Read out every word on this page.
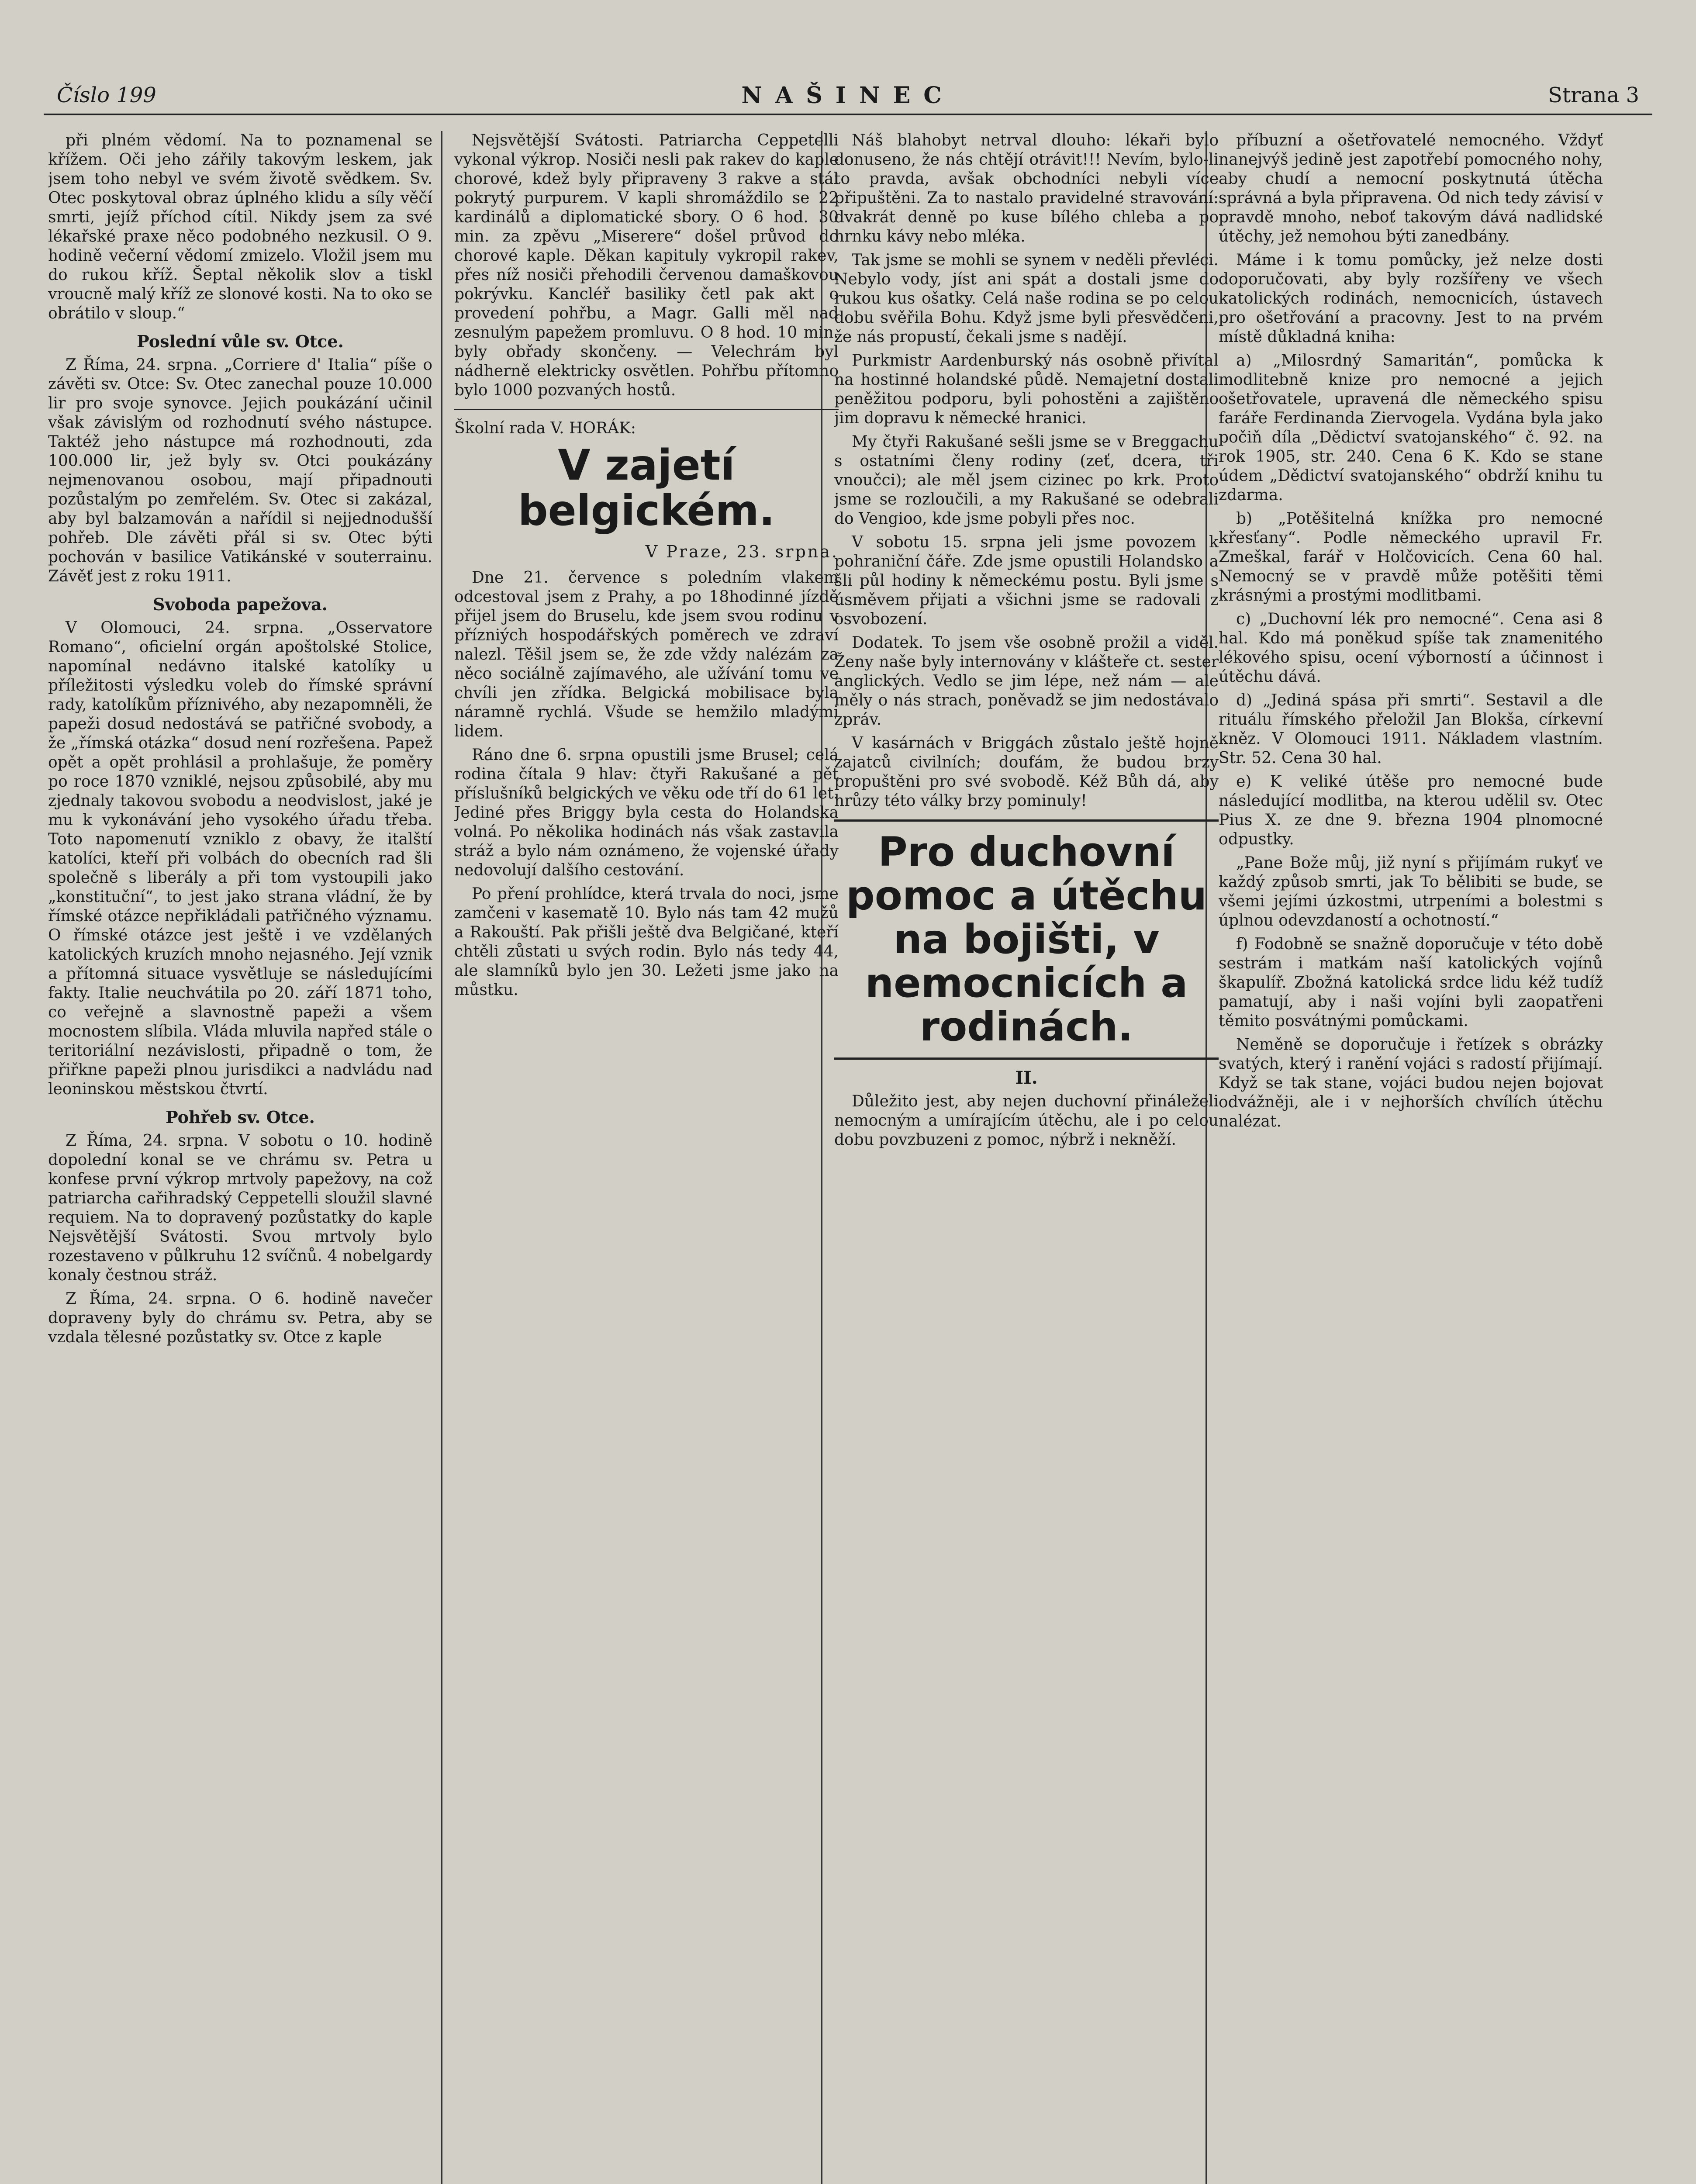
Číslo 199	NAŠINEC	Strana 3

při plném vědomí. Na to poznamenal se křížem. Oči jeho zářily takovým leskem, jak jsem toho nebyl ve svém životě svědkem. Sv. Otec poskytoval obraz úplného klidu a síly věčí smrti, jejíž příchod cítil. Nikdy jsem za své lékařské praxe něco podobného nezkusil. O 9. hodině večerní vědomí zmizelo. Vložil jsem mu do rukou kříž. Šeptal několik slov a tiskl vroucně malý kříž ze slonové kosti. Na to oko se obrátilo v sloup.“

Poslední vůle sv. Otce.

Z Říma, 24. srpna. „Corriere d' Italia“ píše o závěti sv. Otce: Sv. Otec zanechal pouze 10.000 lir pro svoje synovce. Jejich poukázání učinil však závislým od rozhodnutí svého nástupce. Taktéž jeho nástupce má rozhodnouti, zda 100.000 lir, jež byly sv. Otci poukázány nejmenovanou osobou, mají připadnouti pozůstalým po zemřelém. Sv. Otec si zakázal, aby byl balzamován a nařídil si nejjednodušší pohřeb. Dle závěti přál si sv. Otec býti pochován v basilice Vatikánské v souterrainu. Závěť jest z roku 1911.

Svoboda papežova.

V Olomouci, 24. srpna. „Osservatore Romano“, oficielní orgán apoštolské Stolice, napomínal nedávno italské katolíky u příležitosti výsledku voleb do římské správní rady, katolíkům příznivého, aby nezapomněli, že papeži dosud nedostává se patřičné svobody, a že „římská otázka“ dosud není rozřešena. Papež opět a opět prohlásil a prohlašuje, že poměry po roce 1870 vzniklé, nejsou způsobilé, aby mu zjednaly takovou svobodu a neodvislost, jaké je mu k vykonávání jeho vysokého úřadu třeba. Toto napomenutí vzniklo z obavy, že italští katolíci, kteří při volbách do obecních rad šli společně s liberály a při tom vystoupili jako „konstituční“, to jest jako strana vládní, že by římské otázce nepřikládali patřičného významu. O římské otázce jest ještě i ve vzdělaných katolických kruzích mnoho nejasného. Její vznik a přítomná situace vysvětluje se následujícími fakty. Italie neuchvátila po 20. září 1871 toho, co veřejně a slavnostně papeži a všem mocnostem slíbila. Vláda mluvila napřed stále o teritoriální nezávislosti, připadně o tom, že přiřkne papeži plnou jurisdikci a nadvládu nad leoninskou městskou čtvrtí.

Pohřeb sv. Otce.

Z Říma, 24. srpna. V sobotu o 10. hodině dopolední konal se ve chrámu sv. Petra u konfese první výkrop mrtvoly papežovy, na což patriarcha cařihradský Ceppetelli sloužil slavné requiem. Na to dopravený pozůstatky do kaple Nejsvětější Svátosti. Svou mrtvoly bylo rozestaveno v půlkruhu 12 svíčnů. 4 nobelgardy konaly čestnou stráž.

Z Říma, 24. srpna. O 6. hodině navečer dopraveny byly do chrámu sv. Petra, aby se vzdala tělesné pozůstatky sv. Otce z kaple

Nejsvětější Svátosti. Patriarcha Ceppetelli vykonal výkrop. Nosiči nesli pak rakev do kaple chorové, kdež byly připraveny 3 rakve a stál pokrytý purpurem. V kapli shromáždilo se 22 kardinálů a diplomatické sbory. O 6 hod. 30 min. za zpěvu „Miserere“ došel průvod do chorové kaple. Děkan kapituly vykropil rakev, přes níž nosiči přehodili červenou damaškovou pokrývku. Kancléř basiliky četl pak akt o provedení pohřbu, a Magr. Galli měl nad zesnulým papežem promluvu. O 8 hod. 10 min. byly obřady skončeny. — Velechrám byl nádherně elektricky osvětlen. Pohřbu přítomno bylo 1000 pozvaných hostů.

Školní rada V. HORÁK:
V zajetí belgickém.
V Praze, 23. srpna.

Dne 21. července s poledním vlakem odcestoval jsem z Prahy, a po 18hodinné jízdě přijel jsem do Bruselu, kde jsem svou rodinu v přízniých hospodářských poměrech ve zdraví nalezl. Těšil jsem se, že zde vždy nalézám za něco sociálně zajímavého, ale užívání tomu ve chvíli jen zřídka. Belgická mobilisace byla náramně rychlá. Všude se hemžilo mladými lidem.

Ráno dne 6. srpna opustili jsme Brusel; celá rodina čítala 9 hlav: čtyři Rakušané a pět příslušníků belgických ve věku ode tří do 61 let. Jediné přes Briggy byla cesta do Holandska volná. Po několika hodinách nás však zastavila stráž a bylo nám oznámeno, že vojenské úřady nedovolují dalšího cestování.

Po pření prohlídce, která trvala do noci, jsme zamčeni v kasematě 10. Bylo nás tam 42 mužů a Rakouští. Pak přišli ještě dva Belgičané, kteří chtěli zůstati u svých rodin. Bylo nás tedy 44, ale slamníků bylo jen 30. Ležeti jsme jako na můstku.

Náš blahobyt netrval dlouho: lékaři bylo donuseno, že nás chtějí otrávit!!! Nevím, bylo-li to pravda, avšak obchodníci nebyli více připuštěni. Za to nastalo pravidelné stravování: dvakrát denně po kuse bílého chleba a po hrnku kávy nebo mléka.

Tak jsme se mohli se synem v neděli převléci. Nebylo vody, jíst ani spát a dostali jsme do rukou kus ošatky. Celá naše rodina se po celou dobu svěřila Bohu. Když jsme byli přesvědčeni, že nás propustí, čekali jsme s nadějí.

Purkmistr Aardenburský nás osobně přivítal na hostinné holandské půdě. Nemajetní dostali peněžitou podporu, byli pohostěni a zajištěno jim dopravu k německé hranici.

My čtyři Rakušané sešli jsme se v Breggachu s ostatními členy rodiny (zeť, dcera, tři vnoučci); ale měl jsem cizinec po krk. Proto jsme se rozloučili, a my Rakušané se odebrali do Vengioo, kde jsme pobyli přes noc.

V sobotu 15. srpna jeli jsme povozem k pohraniční čáře. Zde jsme opustili Holandsko a šli půl hodiny k německému postu. Byli jsme s úsměvem přijati a všichni jsme se radovali z osvobození.

Dodatek. To jsem vše osobně prožil a viděl. Ženy naše byly internovány v klášteře ct. sester anglických. Vedlo se jim lépe, než nám — ale měly o nás strach, poněvadž se jim nedostávalo zpráv.

V kasárnách v Briggách zůstalo ještě hojně zajatců civilních; doufám, že budou brzy propuštěni pro své svobodě. Kéž Bůh dá, aby hrůzy této války brzy pominuly!

Pro duchovní pomoc a útěchu na bojišti, v nemocnicích a rodinách.
II.

Důležito jest, aby nejen duchovní přináleželi nemocným a umírajícím útěchu, ale i po celou dobu povzbuzeni z pomoc, nýbrž i nekněží.

příbuzní a ošetřovatelé nemocného. Vždyť nanejvýš jedině jest zapotřebí pomocného nohy, aby chudí a nemocní poskytnutá útěcha správná a byla připravena. Od nich tedy závisí v pravdě mnoho, neboť takovým dává nadlidské útěchy, jež nemohou býti zanedbány.

Máme i k tomu pomůcky, jež nelze dosti doporučovati, aby byly rozšířeny ve všech katolických rodinách, nemocnicích, ústavech pro ošetřování a pracovny. Jest to na prvém místě důkladná kniha:

a) „Milosrdný Samaritán“, pomůcka k modlitebně knize pro nemocné a jejich ošetřovatele, upravená dle německého spisu faráře Ferdinanda Ziervogela. Vydána byla jako počiň díla „Dědictví svatojanského“ č. 92. na rok 1905, str. 240. Cena 6 K. Kdo se stane údem „Dědictví svatojanského“ obdrží knihu tu zdarma.

b) „Potěšitelná knížka pro nemocné křesťany“. Podle německého upravil Fr. Zmeškal, farář v Holčovicích. Cena 60 hal. Nemocný se v pravdě může potěšiti těmi krásnými a prostými modlitbami.

c) „Duchovní lék pro nemocné“. Cena asi 8 hal. Kdo má poněkud spíše tak znamenitého lékového spisu, ocení výborností a účinnost i útěchu dává.

d) „Jediná spása při smrti“. Sestavil a dle rituálu římského přeložil Jan Blokša, církevní kněz. V Olomouci 1911. Nákladem vlastním. Str. 52. Cena 30 hal.

e) K veliké útěše pro nemocné bude následující modlitba, na kterou udělil sv. Otec Pius X. ze dne 9. března 1904 plnomocné odpustky.

„Pane Bože můj, již nyní s přijímám rukyť ve každý způsob smrti, jak To bělibiti se bude, se všemi jejími úzkostmi, utrpeními a bolestmi s úplnou odevzdaností a ochotností.“

f) Fodobně se snažně doporučuje v této době sestrám i matkám naší katolických vojínů škapulíř. Zbožná katolická srdce lidu kéž tudíž pamatují, aby i naši vojíni byli zaopatřeni těmito posvátnými pomůckami.

Neměně se doporučuje i řetízek s obrázky svatých, který i ranění vojáci s radostí přijímají. Když se tak stane, vojáci budou nejen bojovat odvážněji, ale i v nejhorších chvílích útěchu nalézat.
